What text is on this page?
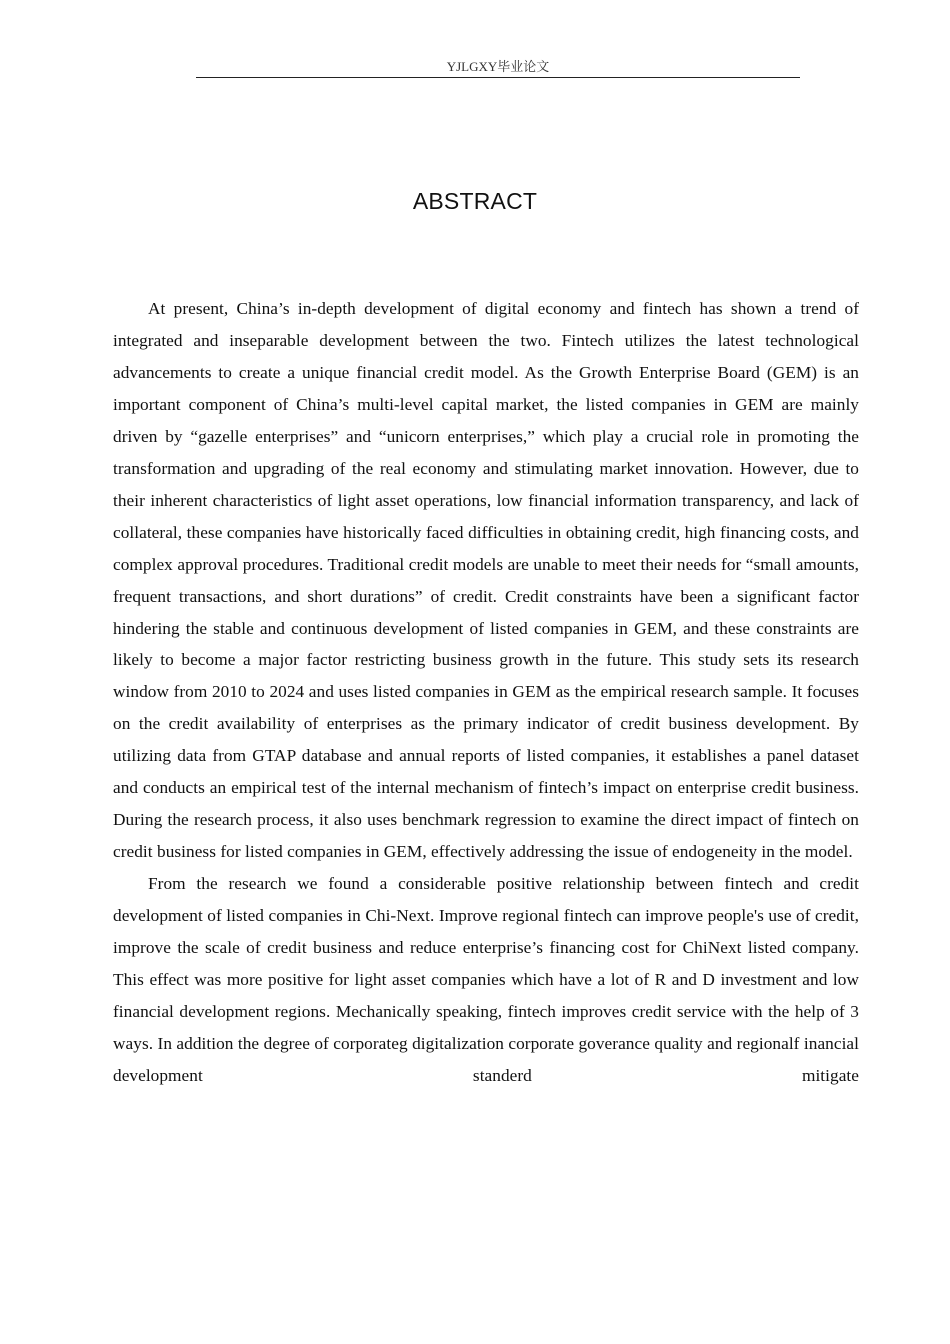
YJLGXY毕业论文
ABSTRACT

At present, China’s in-depth development of digital economy and fintech has shown a trend of integrated and inseparable development between the two. Fintech utilizes the latest technological advancements to create a unique financial credit model. As the Growth Enterprise Board (GEM) is an important component of China’s multi-level capital market, the listed companies in GEM are mainly driven by “gazelle enterprises” and “unicorn enterprises,” which play a crucial role in promoting the transformation and upgrading of the real economy and stimulating market innovation. However, due to their inherent characteristics of light asset operations, low financial information transparency, and lack of collateral, these companies have historically faced difficulties in obtaining credit, high financing costs, and complex approval procedures. Traditional credit models are unable to meet their needs for “small amounts, frequent transactions, and short durations” of credit. Credit constraints have been a significant factor hindering the stable and continuous development of listed companies in GEM, and these constraints are likely to become a major factor restricting business growth in the future. This study sets its research window from 2010 to 2024 and uses listed companies in GEM as the empirical research sample. It focuses on the credit availability of enterprises as the primary indicator of credit business development. By utilizing data from GTAP database and annual reports of listed companies, it establishes a panel dataset and conducts an empirical test of the internal mechanism of fintech’s impact on enterprise credit business. During the research process, it also uses benchmark regression to examine the direct impact of fintech on credit business for listed companies in GEM, effectively addressing the issue of endogeneity in the model.

From the research we found a considerable positive relationship between fintech and credit development of listed companies in Chi-Next. Improve regional fintech can improve people's use of credit, improve the scale of credit business and reduce enterprise’s financing cost for ChiNext listed company. This effect was more positive for light asset companies which have a lot of R and D investment and low financial development regions. Mechanically speaking, fintech improves credit service with the help of 3 ways. In addition the degree of corporateg digitalization corporate goverance quality and regionalf inancial development standerd mitigate
